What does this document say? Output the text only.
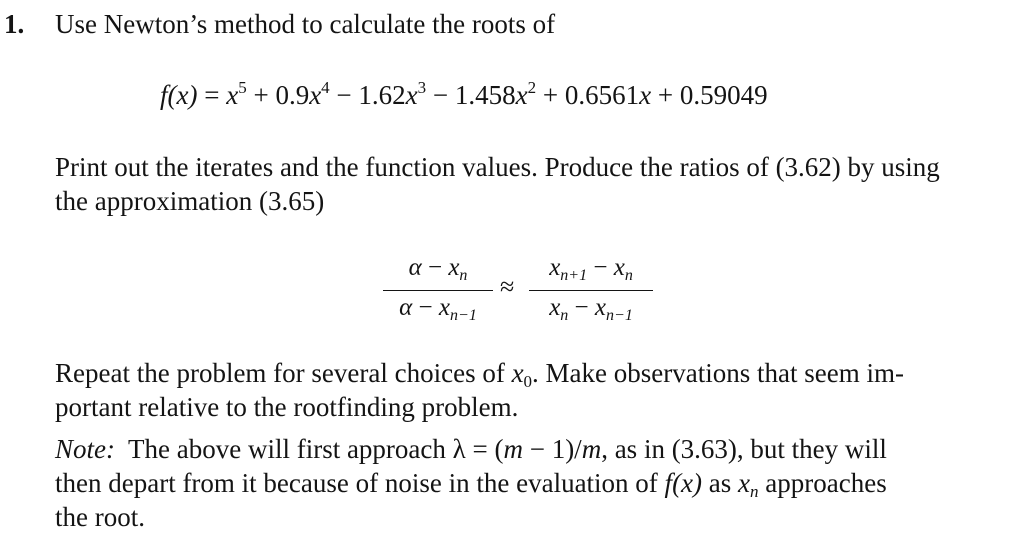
1. Use Newton’s method to calculate the roots of
$f(x) = x^5 + 0.9x^4 - 1.62x^3 - 1.458x^2 + 0.6561x + 0.59049$
Print out the iterates and the function values. Produce the ratios of (3.62) by using
the approximation (3.65)
$\alpha - x_n$
$\alpha - x_{n-1}$
≈
$x_{n+1} - x_n$
$x_n - x_{n-1}$
Repeat the problem for several choices of $x_0$. Make observations that seem im-
portant relative to the rootfinding problem.
Note:  The above will first approach λ = (m − 1)/m, as in (3.63), but they will
then depart from it because of noise in the evaluation of f(x) as $x_n$ approaches
the root.
